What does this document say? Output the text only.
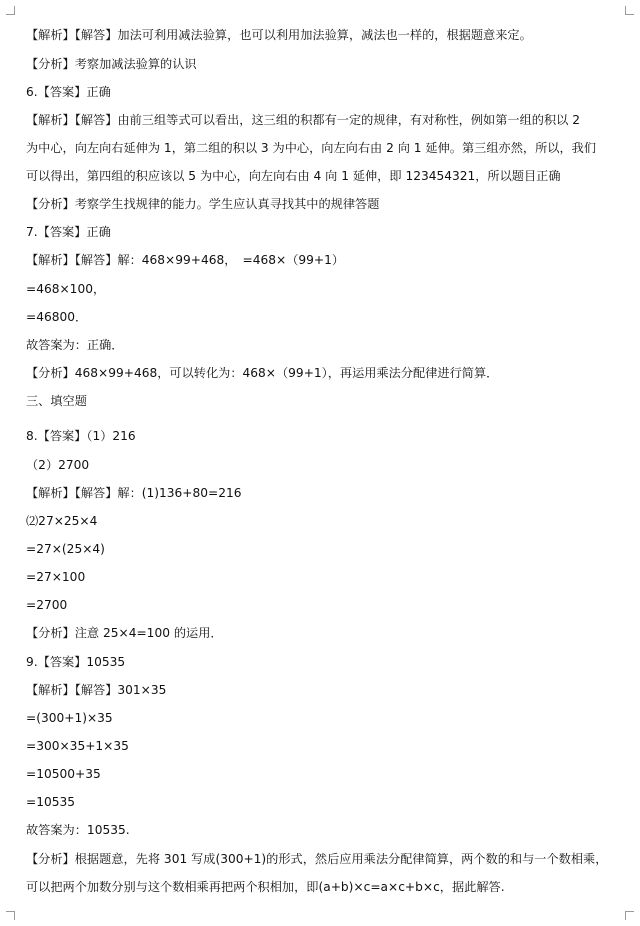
【解析】【解答】加法可利用减法验算，也可以利用加法验算，减法也一样的，根据题意来定。
【分析】考察加减法验算的认识
6.【答案】正确
【解析】【解答】由前三组等式可以看出，这三组的积都有一定的规律，有对称性，例如第一组的积以 2
为中心，向左向右延伸为 1，第二组的积以 3 为中心，向左向右由 2 向 1 延伸。第三组亦然，所以，我们
可以得出，第四组的积应该以 5 为中心，向左向右由 4 向 1 延伸，即 123454321，所以题目正确
【分析】考察学生找规律的能力。学生应认真寻找其中的规律答题
7.【答案】正确
【解析】【解答】解：468×99+468，　=468×（99+1）
=468×100，
=46800．
故答案为：正确．
【分析】468×99+468，可以转化为：468×（99+1），再运用乘法分配律进行简算．
三、填空题
8.【答案】（1）216
（2）2700
【解析】【解答】解：(1)136+80=216
⑵27×25×4
=27×(25×4)
=27×100
=2700
【分析】注意 25×4=100 的运用．
9.【答案】10535
【解析】【解答】301×35
=(300+1)×35
=300×35+1×35
=10500+35
=10535
故答案为：10535.
【分析】根据题意，先将 301 写成(300+1)的形式，然后应用乘法分配律简算，两个数的和与一个数相乘，
可以把两个加数分别与这个数相乘再把两个积相加，即(a+b)×c=a×c+b×c，据此解答.
